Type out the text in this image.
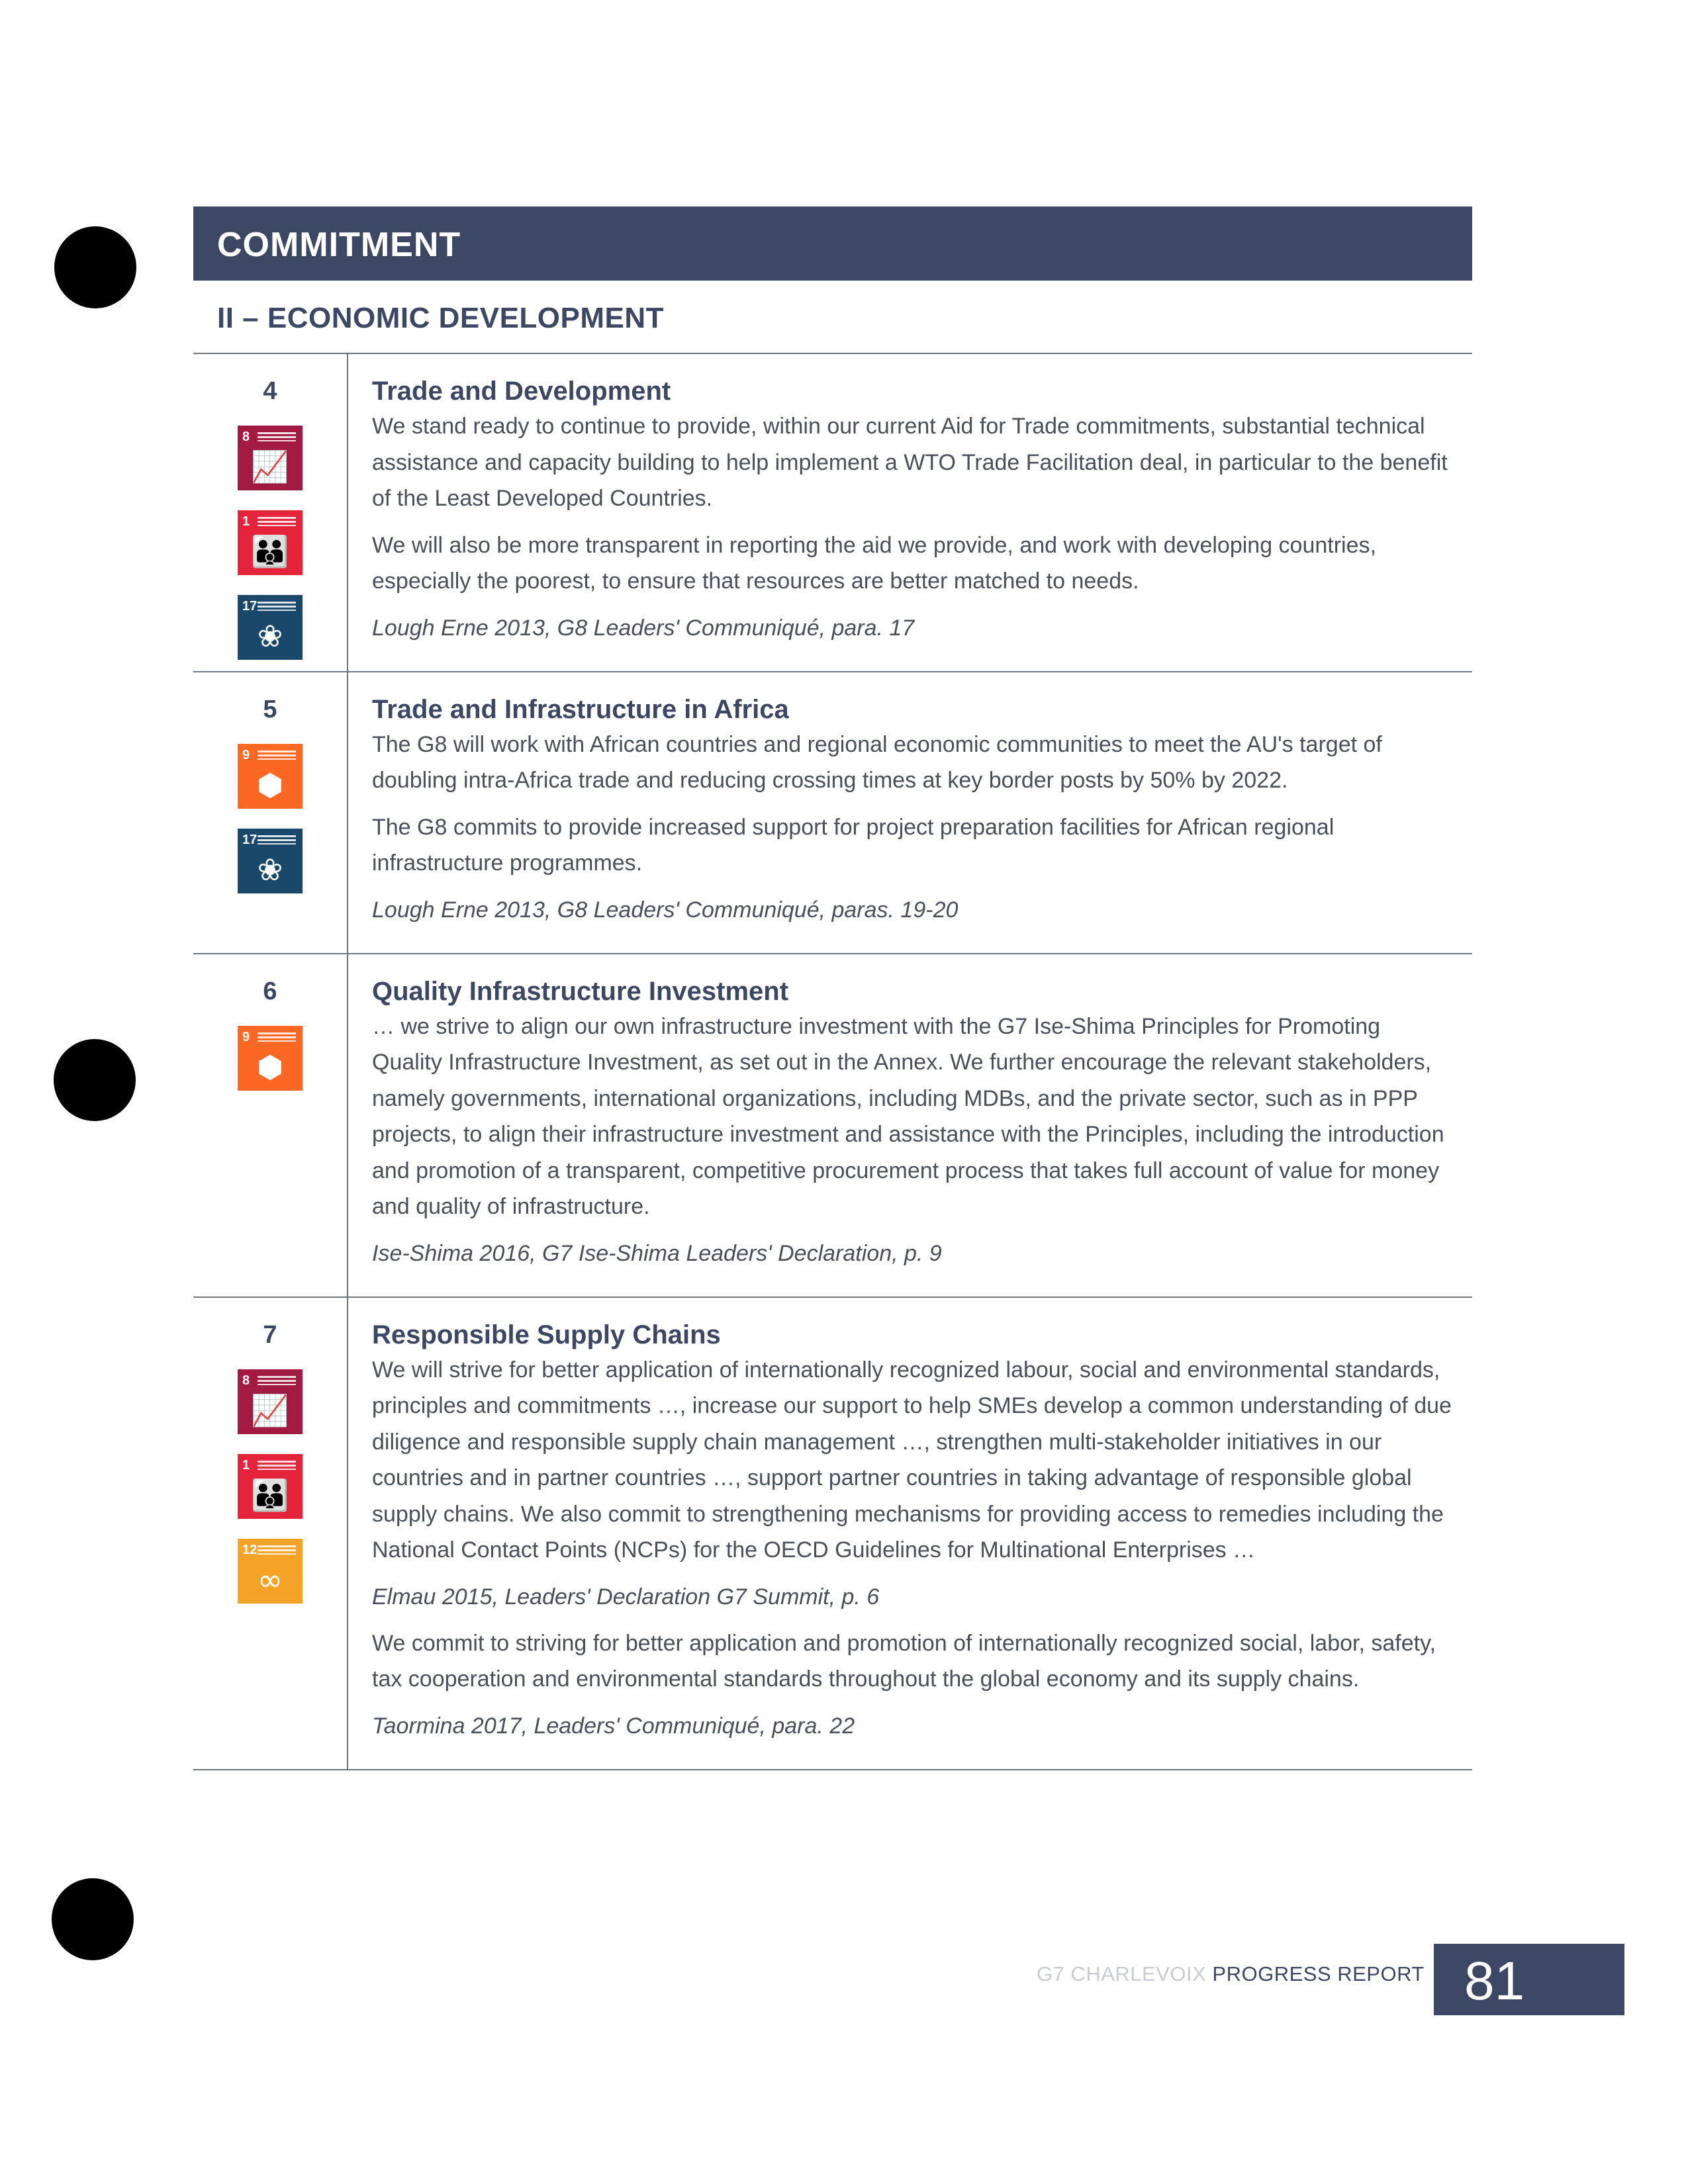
COMMITMENT
II – ECONOMIC DEVELOPMENT
4
8
📈
1
👪
17
❀
Trade and Development

We stand ready to continue to provide, within our current Aid for Trade commitments, substantial technical assistance and capacity building to help implement a WTO Trade Facilitation deal, in particular to the benefit of the Least Developed Countries.

We will also be more transparent in reporting the aid we provide, and work with developing countries, especially the poorest, to ensure that resources are better matched to needs.

Lough Erne 2013, G8 Leaders' Communiqué, para. 17

5
9
⬢
17
❀
Trade and Infrastructure in Africa

The G8 will work with African countries and regional economic communities to meet the AU's target of doubling intra-Africa trade and reducing crossing times at key border posts by 50% by 2022.

The G8 commits to provide increased support for project preparation facilities for African regional infrastructure programmes.

Lough Erne 2013, G8 Leaders' Communiqué, paras. 19-20

6
9
⬢
Quality Infrastructure Investment

… we strive to align our own infrastructure investment with the G7 Ise-Shima Principles for Promoting Quality Infrastructure Investment, as set out in the Annex. We further encourage the relevant stakeholders, namely governments, international organizations, including MDBs, and the private sector, such as in PPP projects, to align their infrastructure investment and assistance with the Principles, including the introduction and promotion of a transparent, competitive procurement process that takes full account of value for money and quality of infrastructure.

Ise-Shima 2016, G7 Ise-Shima Leaders' Declaration, p. 9

7
8
📈
1
👪
12
∞
Responsible Supply Chains

We will strive for better application of internationally recognized labour, social and environmental standards, principles and commitments …, increase our support to help SMEs develop a common understanding of due diligence and responsible supply chain management …, strengthen multi-stakeholder initiatives in our countries and in partner countries …, support partner countries in taking advantage of responsible global supply chains. We also commit to strengthening mechanisms for providing access to remedies including the National Contact Points (NCPs) for the OECD Guidelines for Multinational Enterprises …

Elmau 2015, Leaders' Declaration G7 Summit, p. 6

We commit to striving for better application and promotion of internationally recognized social, labor, safety, tax cooperation and environmental standards throughout the global economy and its supply chains.

Taormina 2017, Leaders' Communiqué, para. 22

G7 CHARLEVOIX PROGRESS REPORT 81
